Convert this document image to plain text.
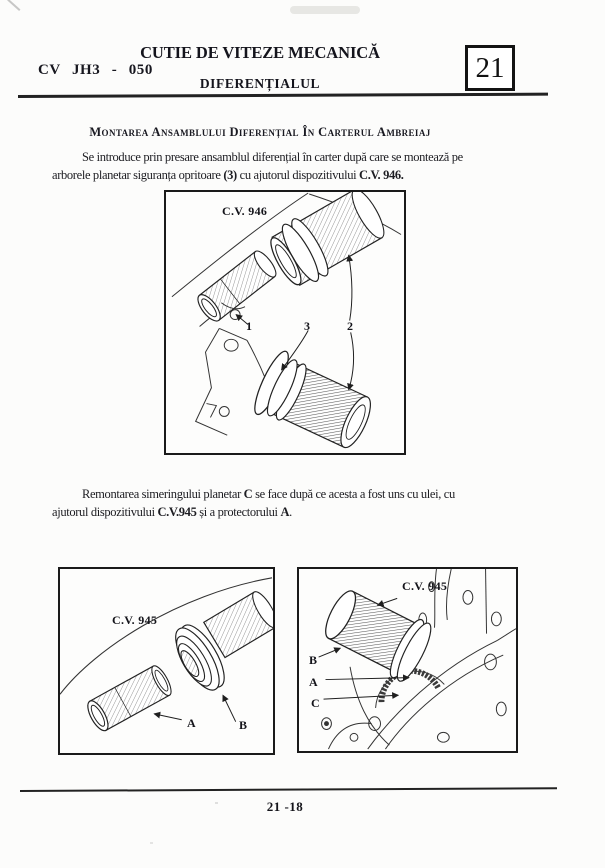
CV JH3 - 050
CUTIE DE VITEZE MECANICĂ
DIFERENȚIALUL	21
Montarea Ansamblului Diferențial În Carterul Ambreiaj

Se introduce prin presare ansamblul diferențial în carter după care se montează pe
arborele planetar siguranța opritoare (3) cu ajutorul dispozitivului C.V. 946.

C.V. 946
1	3	2

Remontarea simeringului planetar C se face după ce acesta a fost uns cu ulei, cu
ajutorul dispozitivului C.V.945 și a protectorului A.

C.V. 945
A	B
C.V. 945
B
A
C
21 -18
